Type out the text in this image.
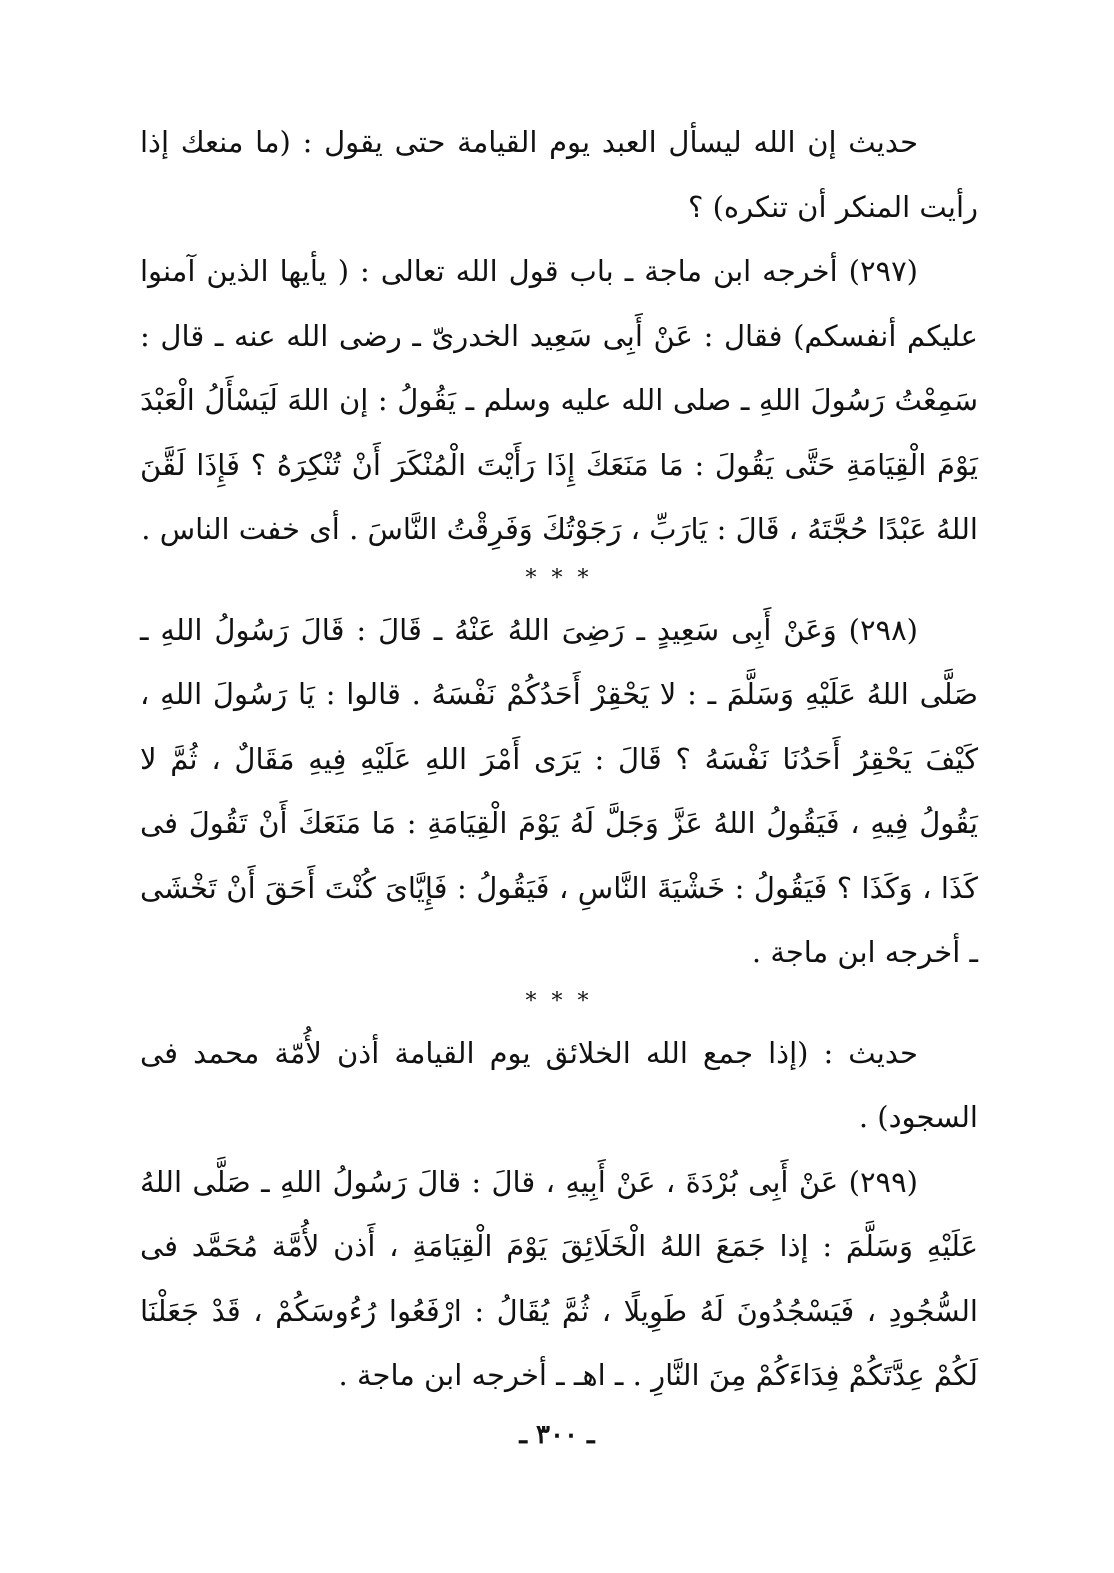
حديث إن الله ليسأل العبد يوم القيامة حتى يقول : (ما منعك إذا رأيت المنكر أن تنكره) ؟

(٢٩٧) أخرجه ابن ماجة ـ باب قول الله تعالى : ( يأيها الذين آمنوا عليكم أنفسكم) فقال : عَنْ أَبِى سَعِيد الخدرىّ ـ رضى الله عنه ـ قال : سَمِعْتُ رَسُولَ اللهِ ـ صلى الله عليه وسلم ـ يَقُولُ : إن اللهَ لَيَسْأَلُ الْعَبْدَ يَوْمَ الْقِيَامَةِ حَتَّى يَقُولَ : مَا مَنَعَكَ إِذَا رَأَيْتَ الْمُنْكَرَ أَنْ تُنْكِرَهُ ؟ فَإِذَا لَقَّنَ اللهُ عَبْدًا حُجَّتَهُ ، قَالَ : يَارَبِّ ، رَجَوْتُكَ وَفَرِقْتُ النَّاسَ . أى خفت الناس .

* * *

(٢٩٨) وَعَنْ أَبِى سَعِيدٍ ـ رَضِىَ اللهُ عَنْهُ ـ قَالَ : قَالَ رَسُولُ اللهِ ـ صَلَّى اللهُ عَلَيْهِ وَسَلَّمَ ـ : لا يَحْقِرْ أَحَدُكُمْ نَفْسَهُ . قالوا : يَا رَسُولَ اللهِ ، كَيْفَ يَحْقِرُ أَحَدُنَا نَفْسَهُ ؟ قَالَ : يَرَى أَمْرَ اللهِ عَلَيْهِ فِيهِ مَقَالٌ ، ثُمَّ لا يَقُولُ فِيهِ ، فَيَقُولُ اللهُ عَزَّ وَجَلَّ لَهُ يَوْمَ الْقِيَامَةِ : مَا مَنَعَكَ أَنْ تَقُولَ فى كَذَا ، وَكَذَا ؟ فَيَقُولُ : خَشْيَةَ النَّاسِ ، فَيَقُولُ : فَإِيَّاىَ كُنْتَ أَحَقَ أَنْ تَخْشَى ـ أخرجه ابن ماجة .

* * *

حديث : (إذا جمع الله الخلائق يوم القيامة أذن لأُمّة محمد فى السجود) .

(٢٩٩) عَنْ أَبِى بُرْدَةَ ، عَنْ أَبِيهِ ، قالَ : قالَ رَسُولُ اللهِ ـ صَلَّى اللهُ عَلَيْهِ وَسَلَّمَ : إذا جَمَعَ اللهُ الْخَلَائِقَ يَوْمَ الْقِيَامَةِ ، أَذن لأُمَّة مُحَمَّد فى السُّجُودِ ، فَيَسْجُدُونَ لَهُ طَوِيلًا ، ثُمَّ يُقَالُ : ارْفَعُوا رُءُوسَكُمْ ، قَدْ جَعَلْنَا لَكُمْ عِدَّتَكُمْ فِدَاءَكُمْ مِنَ النَّارِ . ـ اهـ ـ أخرجه ابن ماجة .

ـ ٣٠٠ ـ
